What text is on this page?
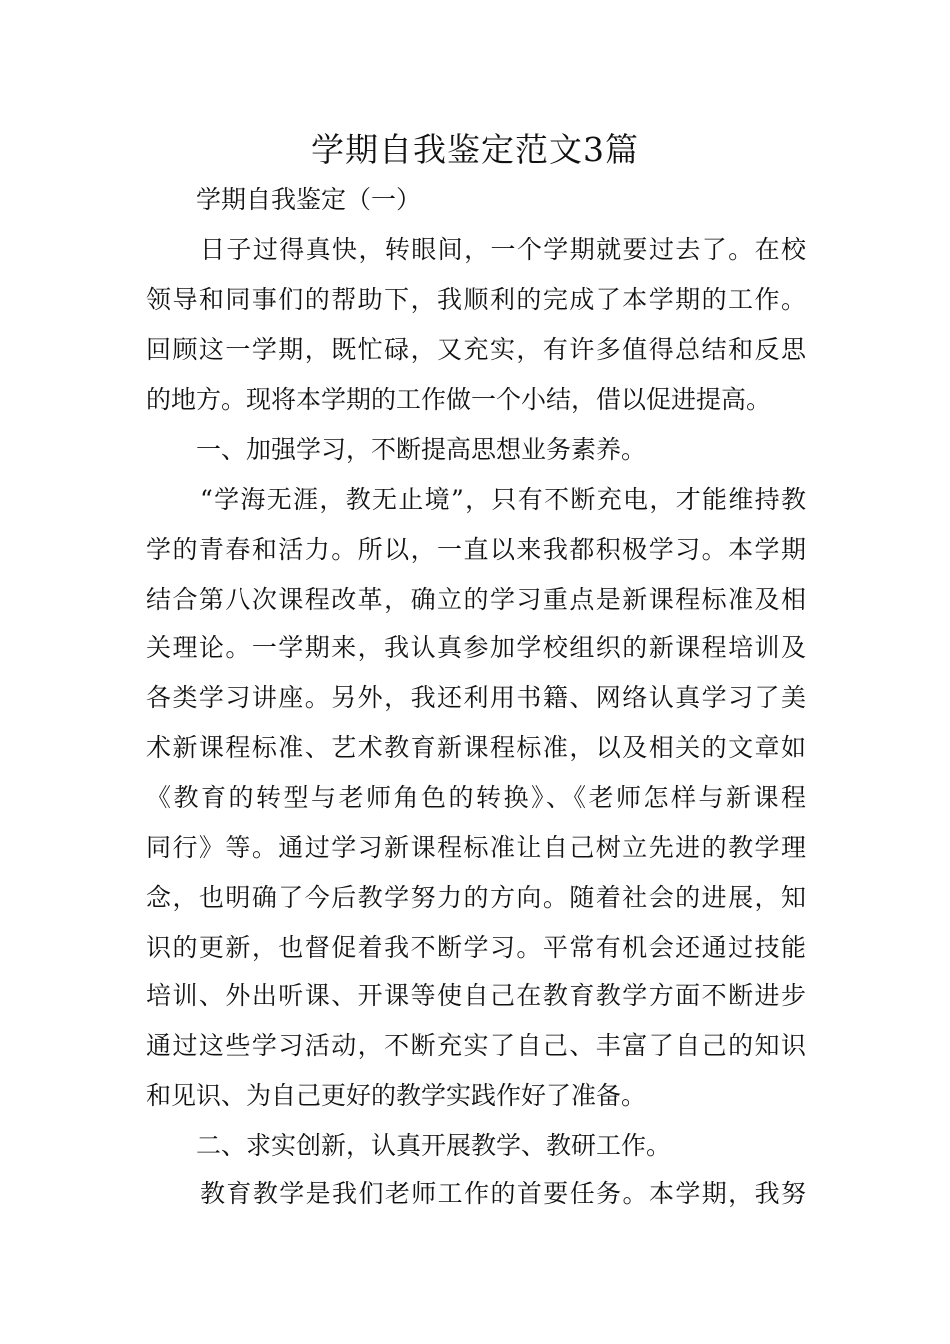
学期自我鉴定范文3篇
学期自我鉴定（一）
日子过得真快，转眼间，一个学期就要过去了。在校
领导和同事们的帮助下，我顺利的完成了本学期的工作。
回顾这一学期，既忙碌，又充实，有许多值得总结和反思
的地方。现将本学期的工作做一个小结，借以促进提高。
一、加强学习，不断提高思想业务素养。
“学海无涯，教无止境”，只有不断充电，才能维持教
学的青春和活力。所以，一直以来我都积极学习。本学期
结合第八次课程改革，确立的学习重点是新课程标准及相
关理论。一学期来，我认真参加学校组织的新课程培训及
各类学习讲座。另外，我还利用书籍、网络认真学习了美
术新课程标准、艺术教育新课程标准，以及相关的文章如
《教育的转型与老师角色的转换》、《老师怎样与新课程
同行》等。通过学习新课程标准让自己树立先进的教学理
念，也明确了今后教学努力的方向。随着社会的进展，知
识的更新，也督促着我不断学习。平常有机会还通过技能
培训、外出听课、开课等使自己在教育教学方面不断进步
通过这些学习活动，不断充实了自己、丰富了自己的知识
和见识、为自己更好的教学实践作好了准备。
二、求实创新，认真开展教学、教研工作。
教育教学是我们老师工作的首要任务。本学期，我努
